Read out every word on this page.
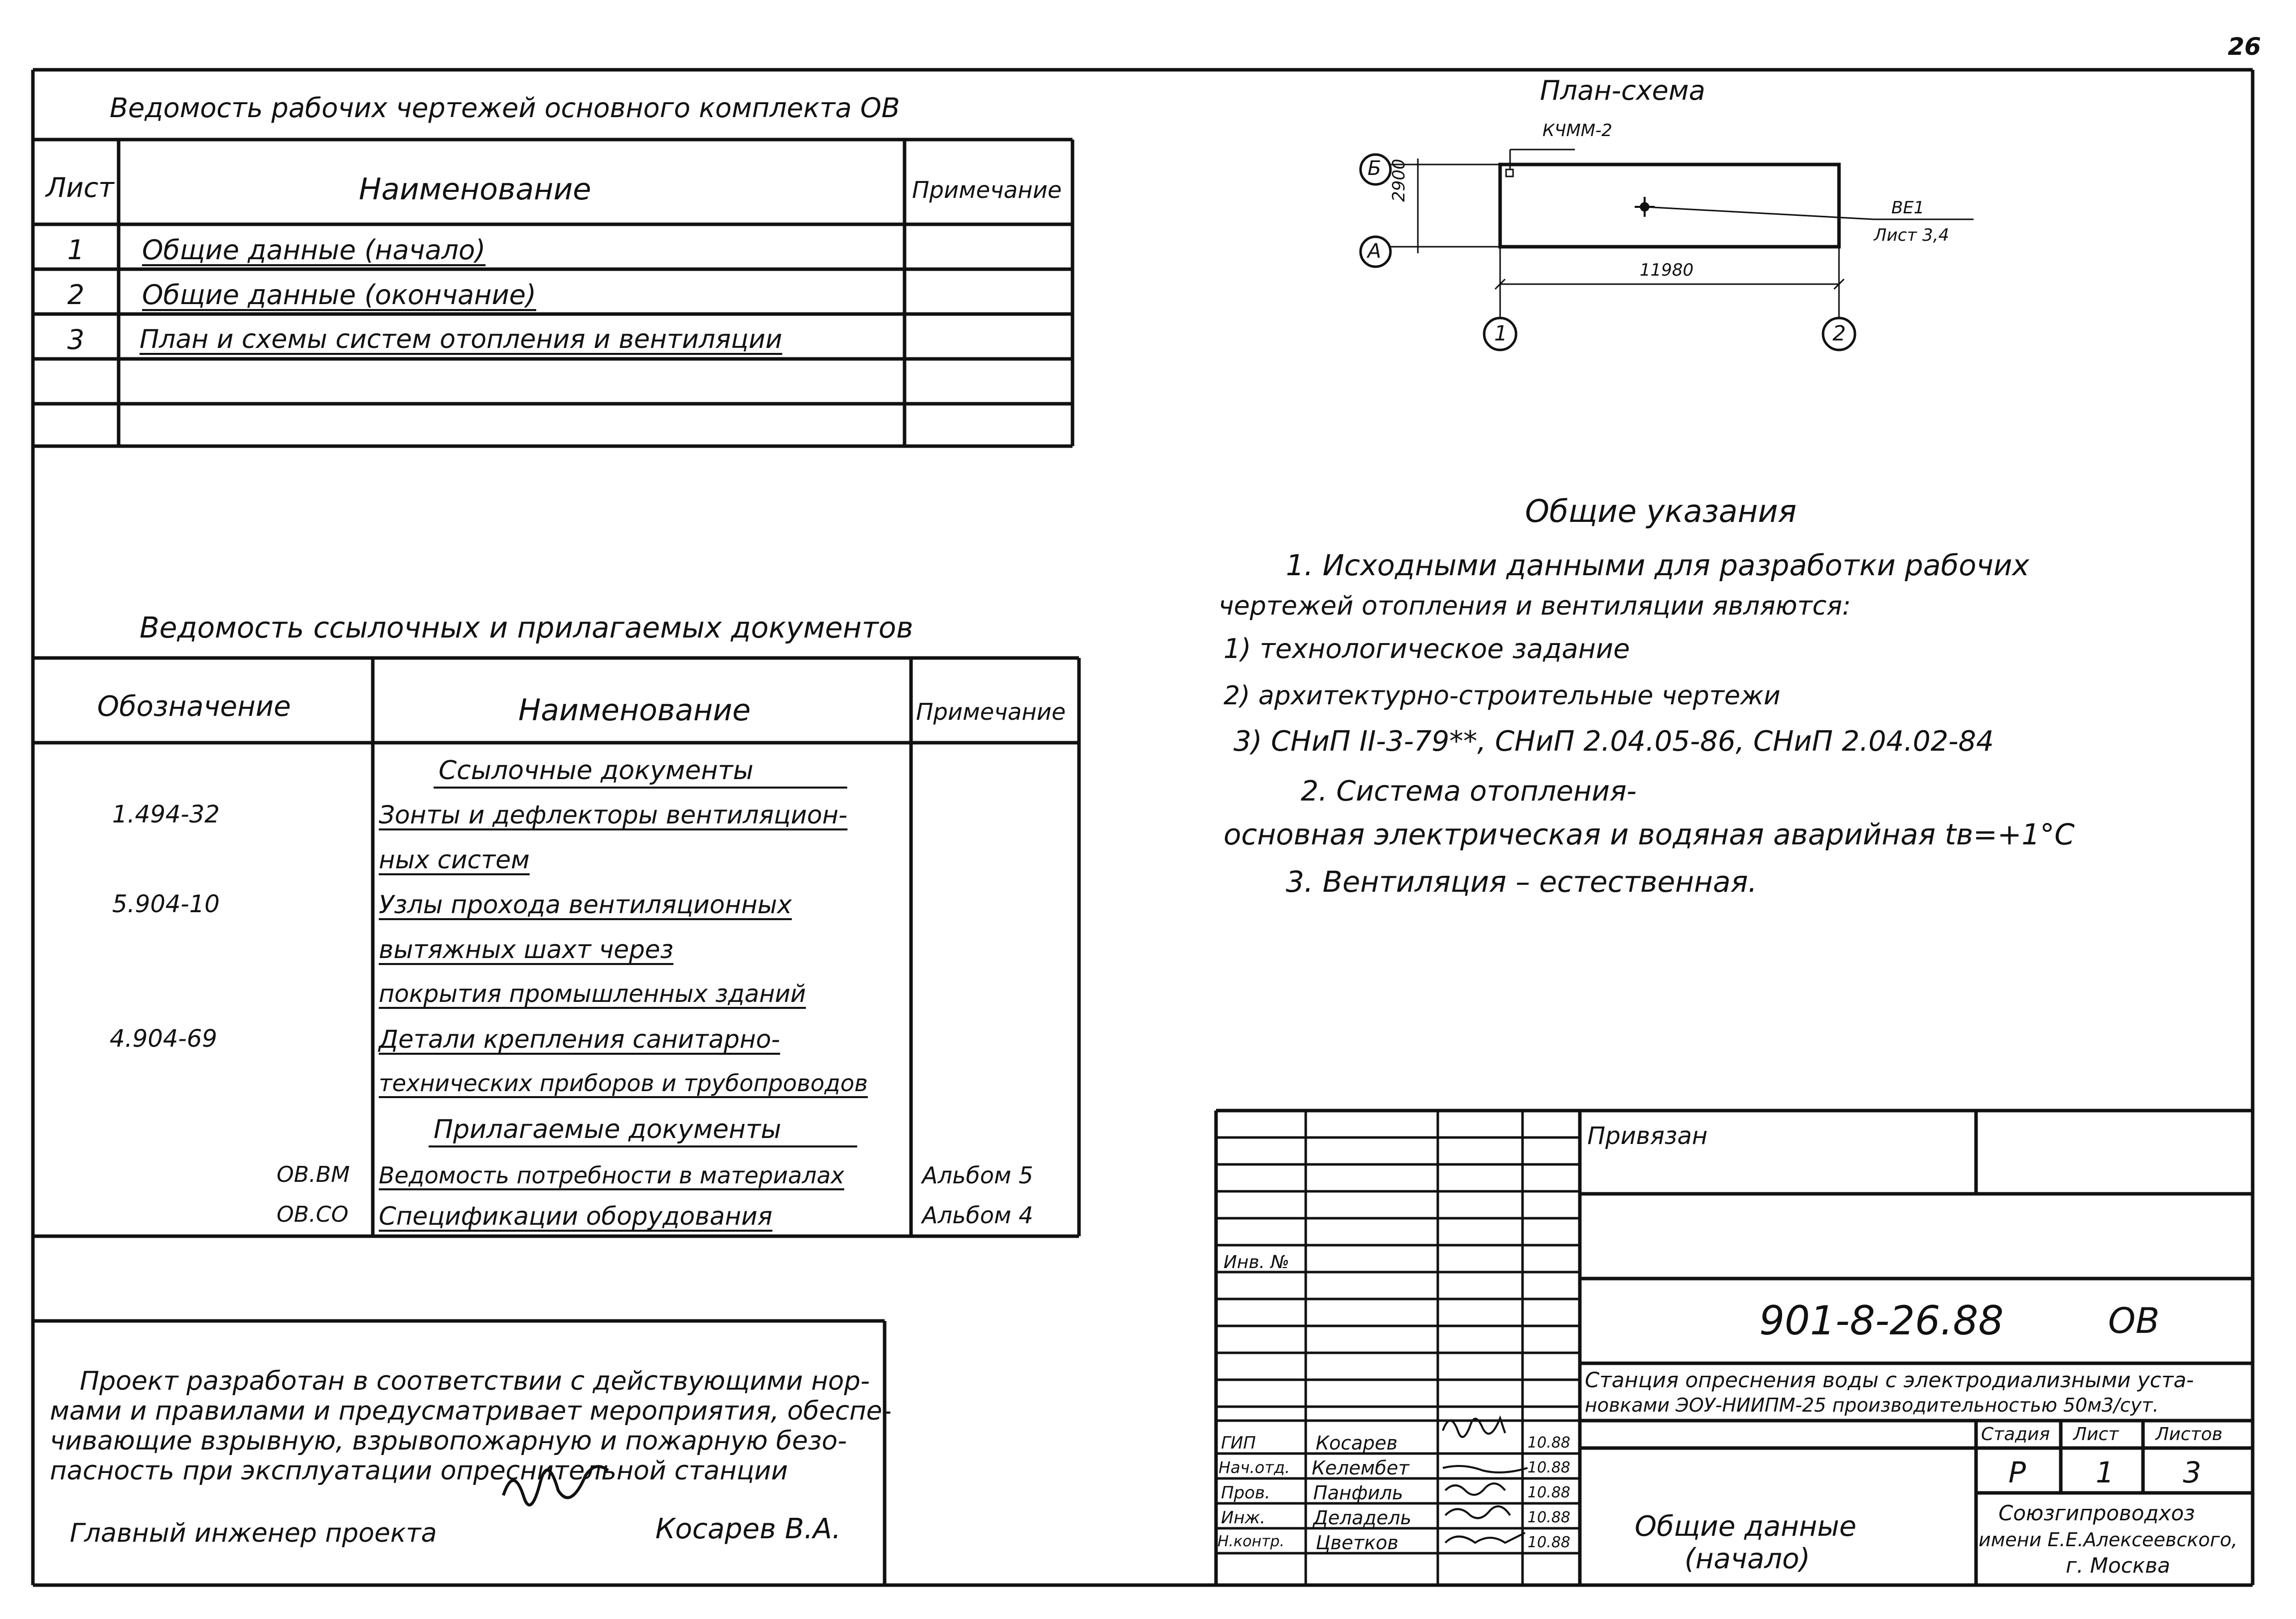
26
Ведомость рабочих чертежей основного комплекта ОВ
Лист	Наименование	Примечание
1 Общие данные (начало)
2 Общие данные (окончание)
3 План и схемы систем отопления и вентиляции
Ведомость ссылочных и прилагаемых документов
Обозначение	Наименование	Примечание
Ссылочные документы
1.494-32	Зонты и дефлекторы вентиляцион-
ных систем
5.904-10	Узлы прохода вентиляционных
вытяжных шахт через
покрытия промышленных зданий
4.904-69	Детали крепления санитарно-
технических приборов и трубопроводов
Прилагаемые документы
ОВ.ВМ Ведомость потребности в материалах	Альбом 5
ОВ.СО Спецификации оборудования	Альбом 4
План-схема
КЧММ-2
Б
А
1	2
2900
11980
ВЕ1
Лист 3,4
Общие указания
1. Исходными данными для разработки рабочих
чертежей отопления и вентиляции являются:
1) технологическое задание
2) архитектурно-строительные чертежи
3) СНиП II-3-79**, СНиП 2.04.05-86, СНиП 2.04.02-84
2. Система отопления-
основная электрическая и водяная аварийная tв=+1°С
3. Вентиляция – естественная.
Проект разработан в соответствии с действующими нор-
мами и правилами и предусматривает мероприятия, обеспе-
чивающие взрывную, взрывопожарную и пожарную безо-
пасность при эксплуатации опреснительной станции
Главный инженер проекта	Косарев В.А.
Привязан
Инв. №
901-8-26.88	ОВ
Станция опреснения воды с электродиализными уста-
новками ЭОУ-НИИПМ-25 производительностью 50м3/сут.
Стадия Лист Листов
Р 1 3
Общие данные
(начало)
Союзгипроводхоз
имени Е.Е.Алексеевского,
г. Москва
ГИП	Косарев	10.88
Нач.отд. Келембет	10.88
Пров. Панфиль	10.88
Инж.	Деладель	10.88
Н.контр. Цветков	10.88
